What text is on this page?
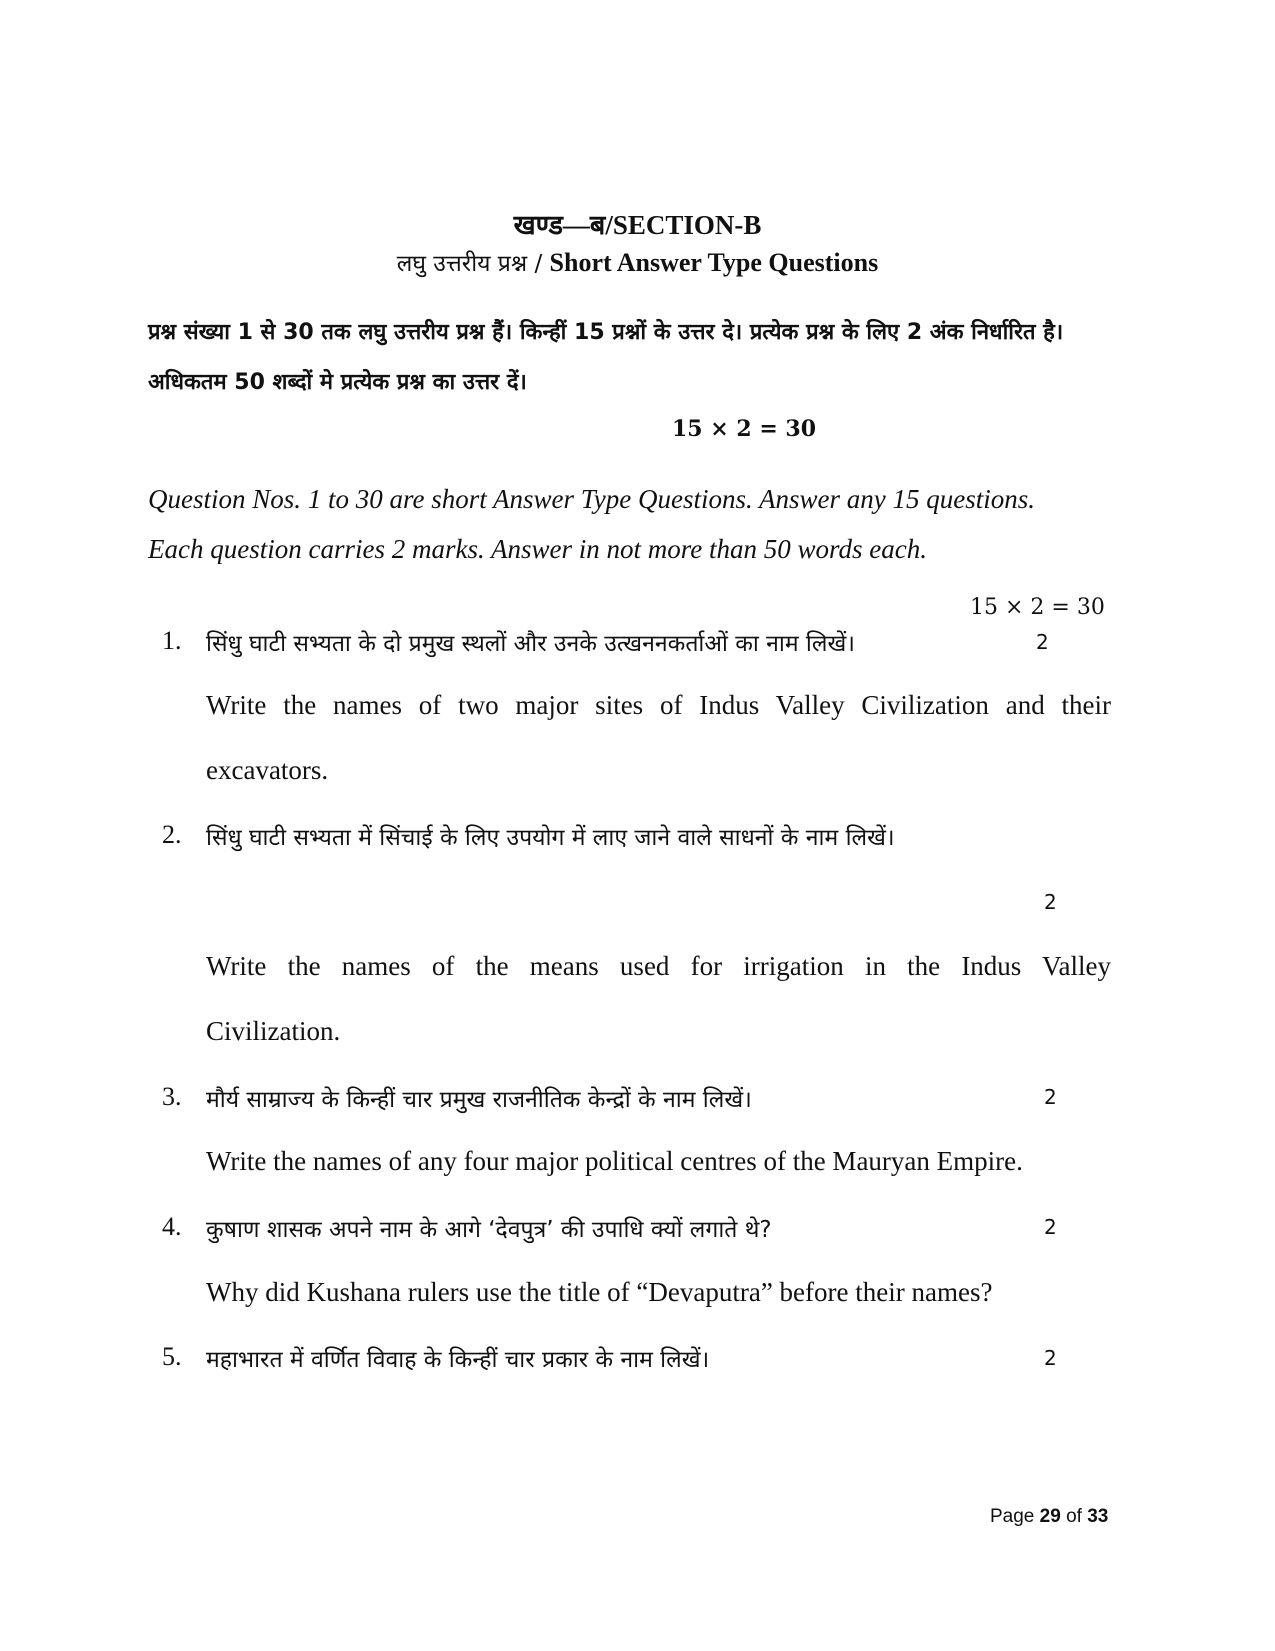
खण्ड—ब/SECTION-B
लघु उत्तरीय प्रश्न / Short Answer Type Questions
प्रश्न संख्या 1 से 30 तक लघु उत्तरीय प्रश्न हैं। किन्हीं 15 प्रश्नों के उत्तर दे। प्रत्येक प्रश्न के लिए 2 अंक निर्धारित है। अधिकतम 50 शब्दों मे प्रत्येक प्रश्न का उत्तर दें।
15 × 2 = 30
Question Nos. 1 to 30 are short Answer Type Questions. Answer any 15 questions.
Each question carries 2 marks. Answer in not more than 50 words each.
15 × 2 = 30
1. सिंधु घाटी सभ्यता के दो प्रमुख स्थलों और उनके उत्खननकर्ताओं का नाम लिखें।	2
Write the names of two major sites of Indus Valley Civilization and their
excavators.
2. सिंधु घाटी सभ्यता में सिंचाई के लिए उपयोग में लाए जाने वाले साधनों के नाम लिखें।
2
Write the names of the means used for irrigation in the Indus Valley
Civilization.
3. मौर्य साम्राज्य के किन्हीं चार प्रमुख राजनीतिक केन्द्रों के नाम लिखें।	2
Write the names of any four major political centres of the Mauryan Empire.
4. कुषाण शासक अपने नाम के आगे ‘देवपुत्र’ की उपाधि क्यों लगाते थे?	2
Why did Kushana rulers use the title of “Devaputra” before their names?
5. महाभारत में वर्णित विवाह के किन्हीं चार प्रकार के नाम लिखें।	2
Page 29 of 33
